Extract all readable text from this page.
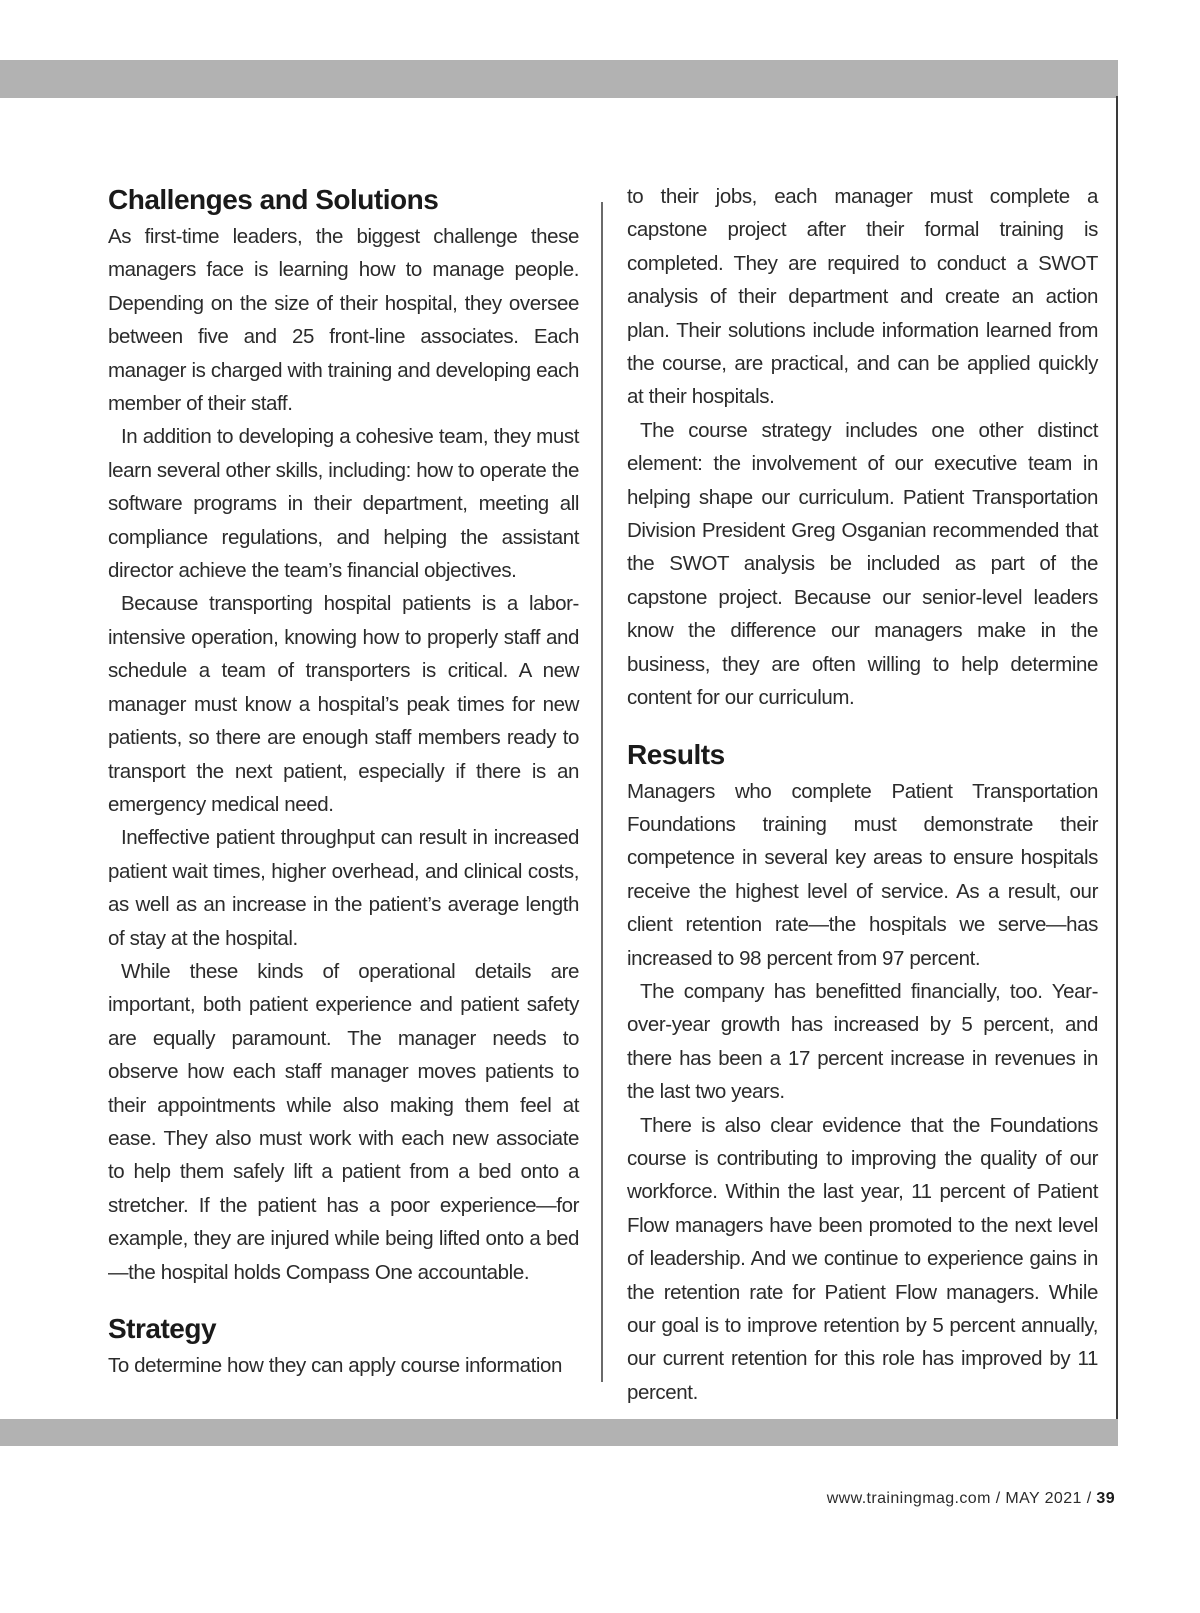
Challenges and Solutions

As first-time leaders, the biggest challenge these managers face is learning how to manage people. Depending on the size of their hospital, they oversee between five and 25 front-line associates. Each manager is charged with training and developing each member of their staff.

In addition to developing a cohesive team, they must learn several other skills, including: how to operate the software programs in their department, meeting all compliance regulations, and helping the assistant director achieve the team’s financial objectives.

Because transporting hospital patients is a labor-intensive operation, knowing how to properly staff and schedule a team of transporters is critical. A new manager must know a hospital’s peak times for new patients, so there are enough staff members ready to transport the next patient, especially if there is an emergency medical need.

Ineffective patient throughput can result in increased patient wait times, higher overhead, and clinical costs, as well as an increase in the patient’s average length of stay at the hospital.

While these kinds of operational details are important, both patient experience and patient safety are equally paramount. The manager needs to observe how each staff manager moves patients to their appointments while also making them feel at ease. They also must work with each new associate to help them safely lift a patient from a bed onto a stretcher. If the patient has a poor experience—for example, they are injured while being lifted onto a bed—the hospital holds Compass One accountable.

Strategy

To determine how they can apply course information

to their jobs, each manager must complete a capstone project after their formal training is completed. They are required to conduct a SWOT analysis of their department and create an action plan. Their solutions include information learned from the course, are practical, and can be applied quickly at their hospitals.

The course strategy includes one other distinct element: the involvement of our executive team in helping shape our curriculum. Patient Transportation Division President Greg Osganian recommended that the SWOT analysis be included as part of the capstone project. Because our senior-level leaders know the difference our managers make in the business, they are often willing to help determine content for our curriculum.

Results

Managers who complete Patient Transportation Foundations training must demonstrate their competence in several key areas to ensure hospitals receive the highest level of service. As a result, our client retention rate—the hospitals we serve—has increased to 98 percent from 97 percent.

The company has benefitted financially, too. Year-over-year growth has increased by 5 percent, and there has been a 17 percent increase in revenues in the last two years.

There is also clear evidence that the Foundations course is contributing to improving the quality of our workforce. Within the last year, 11 percent of Patient Flow managers have been promoted to the next level of leadership. And we continue to experience gains in the retention rate for Patient Flow managers. While our goal is to improve retention by 5 percent annually, our current retention for this role has improved by 11 percent.

www.trainingmag.com / MAY 2021 / 39
